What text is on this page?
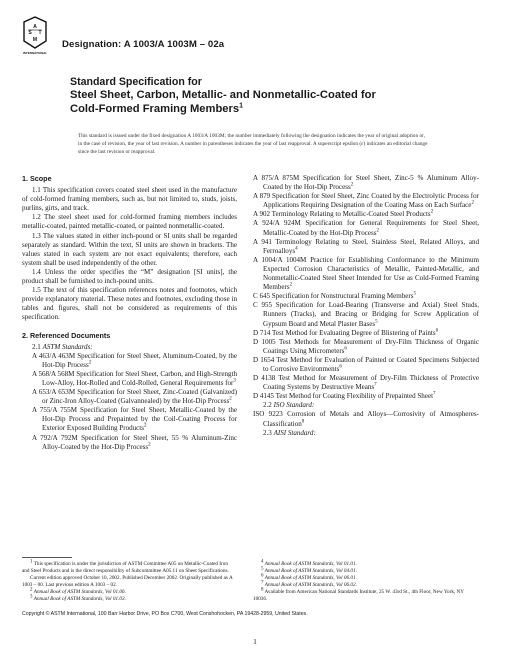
A
S T
M
INTERNATIONAL
Designation: A 1003/A 1003M – 02a
Standard Specification for
Steel Sheet, Carbon, Metallic- and Nonmetallic-Coated for
Cold-Formed Framing Members$^1$
This standard is issued under the fixed designation A 1003/A 1003M; the number immediately following the designation indicates the year of original adoption or, in the case of revision, the year of last revision. A number in parentheses indicates the year of last reapproval. A superscript epsilon (ε) indicates an editorial change since the last revision or reapproval.
1. Scope
1.1 This specification covers coated steel sheet used in the manufacture of cold-formed framing members, such as, but not limited to, studs, joists, purlins, girts, and track.
1.2 The steel sheet used for cold-formed framing members includes metallic-coated, painted metallic-coated, or painted nonmetallic-coated.
1.3 The values stated in either inch-pound or SI units shall be regarded separately as standard. Within the text, SI units are shown in brackets. The values stated in each system are not exact equivalents; therefore, each system shall be used independently of the other.
1.4 Unless the order specifies the “M” designation [SI units], the product shall be furnished to inch-pound units.
1.5 The text of this specification references notes and footnotes, which provide explanatory material. These notes and footnotes, excluding those in tables and figures, shall not be considered as requirements of this specification.
2. Referenced Documents
2.1 ASTM Standards:
A 463/A 463M Specification for Steel Sheet, Aluminum-Coated, by the Hot-Dip Process$^2$
A 568/A 568M Specification for Steel Sheet, Carbon, and High-Strength Low-Alloy, Hot-Rolled and Cold-Rolled, General Requirements for$^3$
A 653/A 653M Specification for Steel Sheet, Zinc-Coated (Galvanized) or Zinc-Iron Alloy-Coated (Galvannealed) by the Hot-Dip Process$^2$
A 755/A 755M Specification for Steel Sheet, Metallic-Coated by the Hot-Dip Process and Prepainted by the Coil-Coating Process for Exterior Exposed Building Products$^2$
A 792/A 792M Specification for Steel Sheet, 55 % Aluminum-Zinc Alloy-Coated by the Hot-Dip Process$^2$
A 875/A 875M Specification for Steel Sheet, Zinc-5 % Aluminum Alloy-Coated by the Hot-Dip Process$^2$
A 879 Specification for Steel Sheet, Zinc Coated by the Electrolytic Process for Applications Requiring Designation of the Coating Mass on Each Surface$^2$
A 902 Terminology Relating to Metallic-Coated Steel Products$^2$
A 924/A 924M Specification for General Requirements for Steel Sheet, Metallic-Coated by the Hot-Dip Process$^2$
A 941 Terminology Relating to Steel, Stainless Steel, Related Alloys, and Ferroalloys$^4$
A 1004/A 1004M Practice for Establishing Conformance to the Minimum Expected Corrosion Characteristics of Metallic, Painted-Metallic, and Nonmetallic-Coated Steel Sheet Intended for Use as Cold-Formed Framing Members$^2$
C 645 Specification for Nonstructural Framing Members$^5$
C 955 Specification for Load-Bearing (Transverse and Axial) Steel Studs, Runners (Tracks), and Bracing or Bridging for Screw Application of Gypsum Board and Metal Plaster Bases$^5$
D 714 Test Method for Evaluating Degree of Blistering of Paints$^6$
D 1005 Test Methods for Measurement of Dry-Film Thickness of Organic Coatings Using Micrometers$^6$
D 1654 Test Method for Evaluation of Painted or Coated Specimens Subjected to Corrosive Environments$^6$
D 4138 Test Method for Measurement of Dry-Film Thickness of Protective Coating Systems by Destructive Means$^7$
D 4145 Test Method for Coating Flexibility of Prepainted Sheet$^7$
2.2 ISO Standard:
ISO 9223 Corrosion of Metals and Alloys—Corrosivity of Atmospheres-Classification$^8$
2.3 AISI Standard:
$^1$ This specification is under the jurisdiction of ASTM Committee A05 on Metallic-Coated Iron and Steel Products and is the direct responsibility of Subcommittee A05.11 on Sheet Specifications.
Current edition approved October 10, 2002. Published December 2002. Originally published as A 1003 – 00. Last previous edition A 1003 – 02.
$^2$ Annual Book of ASTM Standards, Vol 01.06.
$^3$ Annual Book of ASTM Standards, Vol 01.03.
$^4$ Annual Book of ASTM Standards, Vol 01.01.
$^5$ Annual Book of ASTM Standards, Vol 04.01.
$^6$ Annual Book of ASTM Standards, Vol 06.01.
$^7$ Annual Book of ASTM Standards, Vol 06.02.
$^8$ Available from American National Standards Institute, 25 W. 43rd St., 4th Floor, New York, NY 10036.
Copyright © ASTM International, 100 Barr Harbor Drive, PO Box C700, West Conshohocken, PA 19428-2959, United States.
1
